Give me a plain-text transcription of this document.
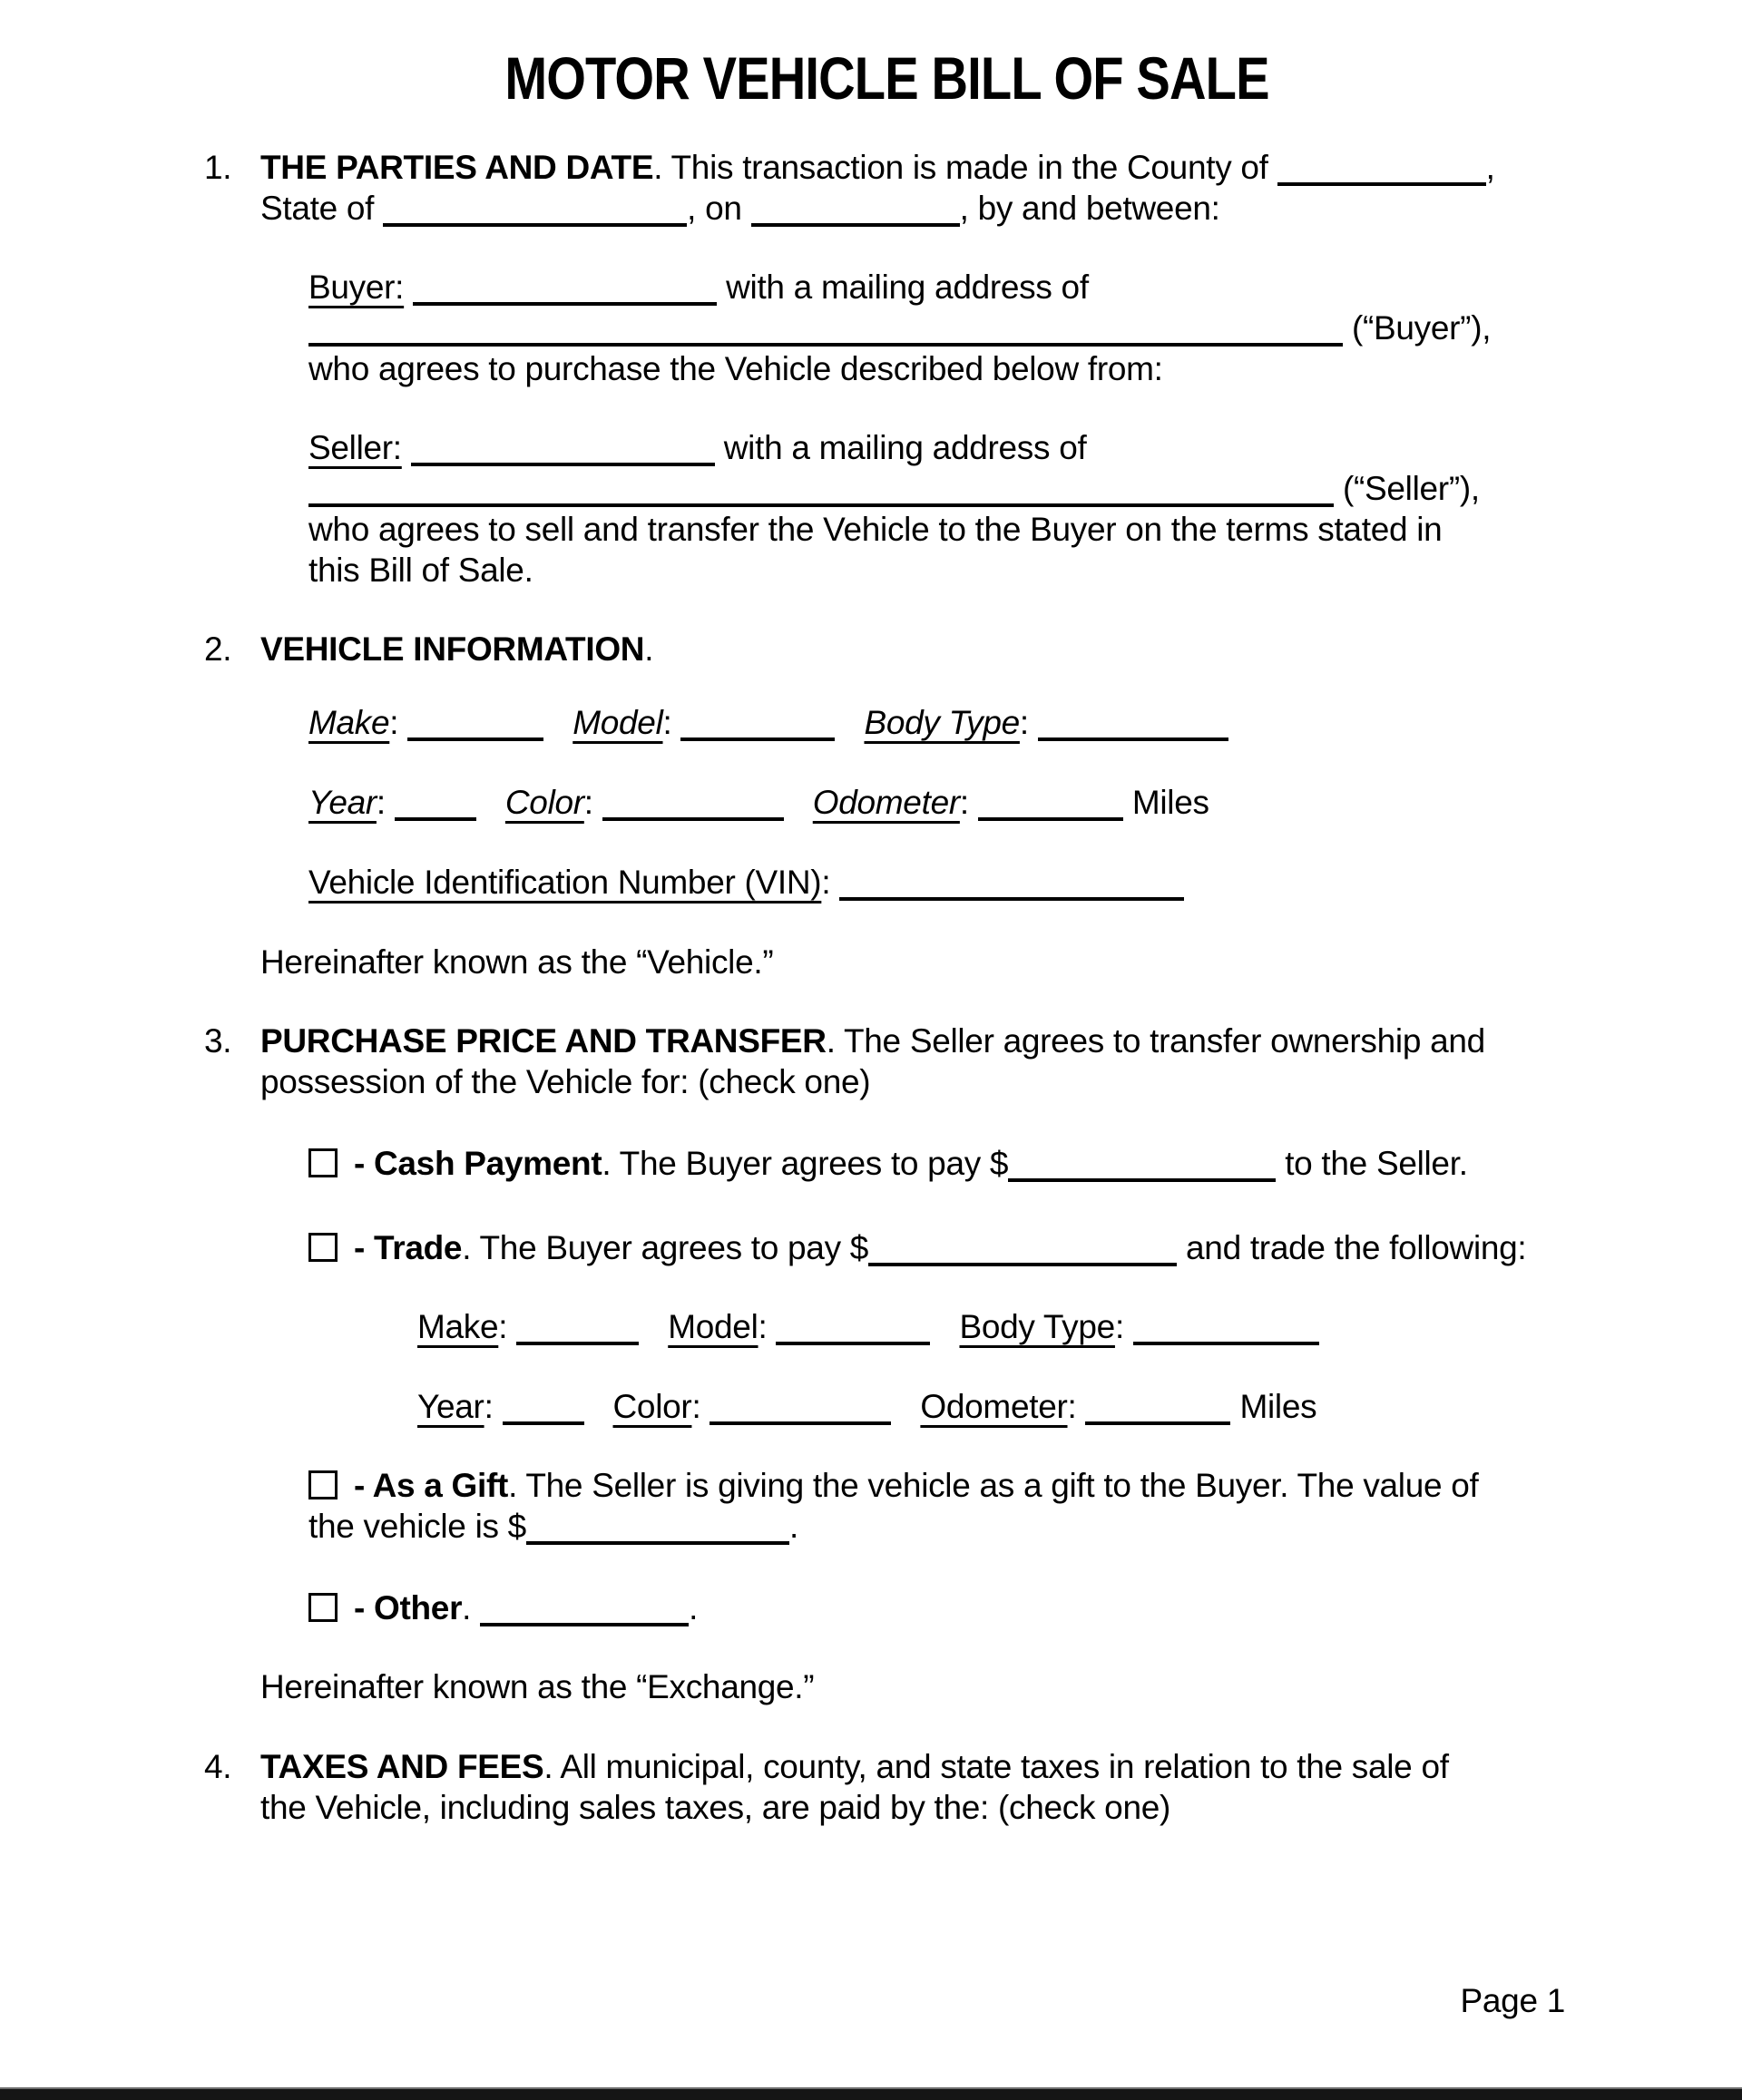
MOTOR VEHICLE BILL OF SALE
1. THE PARTIES AND DATE. This transaction is made in the County of	,
State of	, on	, by and between:
Buyer:	with a mailing address of
(“Buyer”),
who agrees to purchase the Vehicle described below from:
Seller:	with a mailing address of
(“Seller”),
who agrees to sell and transfer the Vehicle to the Buyer on the terms stated in
this Bill of Sale.
2. VEHICLE INFORMATION.
Make:	Model:	Body Type:
Year:	Color:	Odometer:	Miles
Vehicle Identification Number (VIN):
Hereinafter known as the “Vehicle.”
3. PURCHASE PRICE AND TRANSFER. The Seller agrees to transfer ownership and
possession of the Vehicle for: (check one)
- Cash Payment. The Buyer agrees to pay $	to the Seller.
- Trade. The Buyer agrees to pay $	and trade the following:
Make:	Model:	Body Type:
Year:	Color:	Odometer:	Miles
- As a Gift. The Seller is giving the vehicle as a gift to the Buyer. The value of
the vehicle is $	.
- Other.	.
Hereinafter known as the “Exchange.”
4. TAXES AND FEES. All municipal, county, and state taxes in relation to the sale of
the Vehicle, including sales taxes, are paid by the: (check one)
Page 1
